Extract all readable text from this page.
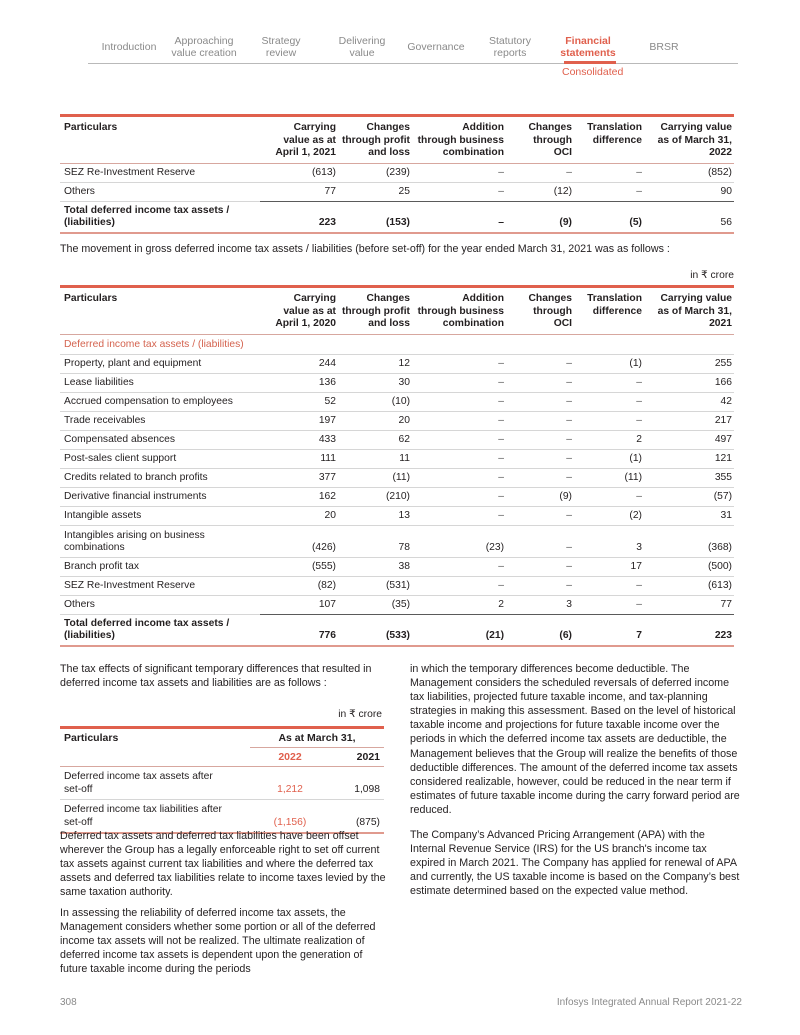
Introduction	Approaching
value creation
Strategy
review
Delivering
value	Governance	Statutory
reports
Financial
statements	BRSR
Consolidated
Particulars	Carrying
value as at
April 1, 2021	Changes
through profit
and loss	Addition
through business
combination	Changes
through
OCI	Translation
difference	Carrying value
as of March 31,
2022
SEZ Re-Investment Reserve	(613)	(239)	–	–	–	(852)
Others	77	25	–	(12)	–	90
Total deferred income tax assets /
(liabilities)	223	(153)	–	(9)	(5)	56
The movement in gross deferred income tax assets / liabilities (before set-off) for the year ended March 31, 2021 was as follows :
in ₹ crore
Particulars	Carrying
value as at
April 1, 2020	Changes
through profit
and loss	Addition
through business
combination	Changes
through
OCI	Translation
difference	Carrying value
as of March 31,
2021
Deferred income tax assets / (liabilities)						
Property, plant and equipment	244	12	–	–	(1)	255
Lease liabilities	136	30	–	–	–	166
Accrued compensation to employees	52	(10)	–	–	–	42
Trade receivables	197	20	–	–	–	217
Compensated absences	433	62	–	–	2	497
Post-sales client support	111	11	–	–	(1)	121
Credits related to branch profits	377	(11)	–	–	(11)	355
Derivative financial instruments	162	(210)	–	(9)	–	(57)
Intangible assets	20	13	–	–	(2)	31
Intangibles arising on business
combinations	(426)	78	(23)	–	3	(368)
Branch profit tax	(555)	38	–	–	17	(500)
SEZ Re-Investment Reserve	(82)	(531)	–	–	–	(613)
Others	107	(35)	2	3	–	77
Total deferred income tax assets /
(liabilities)	776	(533)	(21)	(6)	7	223
The tax effects of significant temporary differences that resulted in deferred income tax assets and liabilities are as follows :
in ₹ crore
Particulars	As at March 31,	
	2022	2021
Deferred income tax assets after
set-off	1,212	1,098
Deferred income tax liabilities after
set-off	(1,156)	(875)
Deferred tax assets and deferred tax liabilities have been offset wherever the Group has a legally enforceable right to set off current tax assets against current tax liabilities and where the deferred tax assets and deferred tax liabilities relate to income taxes levied by the same taxation authority.
In assessing the reliability of deferred income tax assets, the Management considers whether some portion or all of the deferred income tax assets will not be realized. The ultimate realization of deferred income tax assets is dependent upon the generation of future taxable income during the periods
in which the temporary differences become deductible. The Management considers the scheduled reversals of deferred income tax liabilities, projected future taxable income, and tax-planning strategies in making this assessment. Based on the level of historical taxable income and projections for future taxable income over the periods in which the deferred income tax assets are deductible, the Management believes that the Group will realize the benefits of those deductible differences. The amount of the deferred income tax assets considered realizable, however, could be reduced in the near term if estimates of future taxable income during the carry forward period are reduced.
The Company’s Advanced Pricing Arrangement (APA) with the Internal Revenue Service (IRS) for the US branch's income tax expired in March 2021. The Company has applied for renewal of APA and currently, the US taxable income is based on the Company’s best estimate determined based on the expected value method.
308	Infosys Integrated Annual Report 2021-22
